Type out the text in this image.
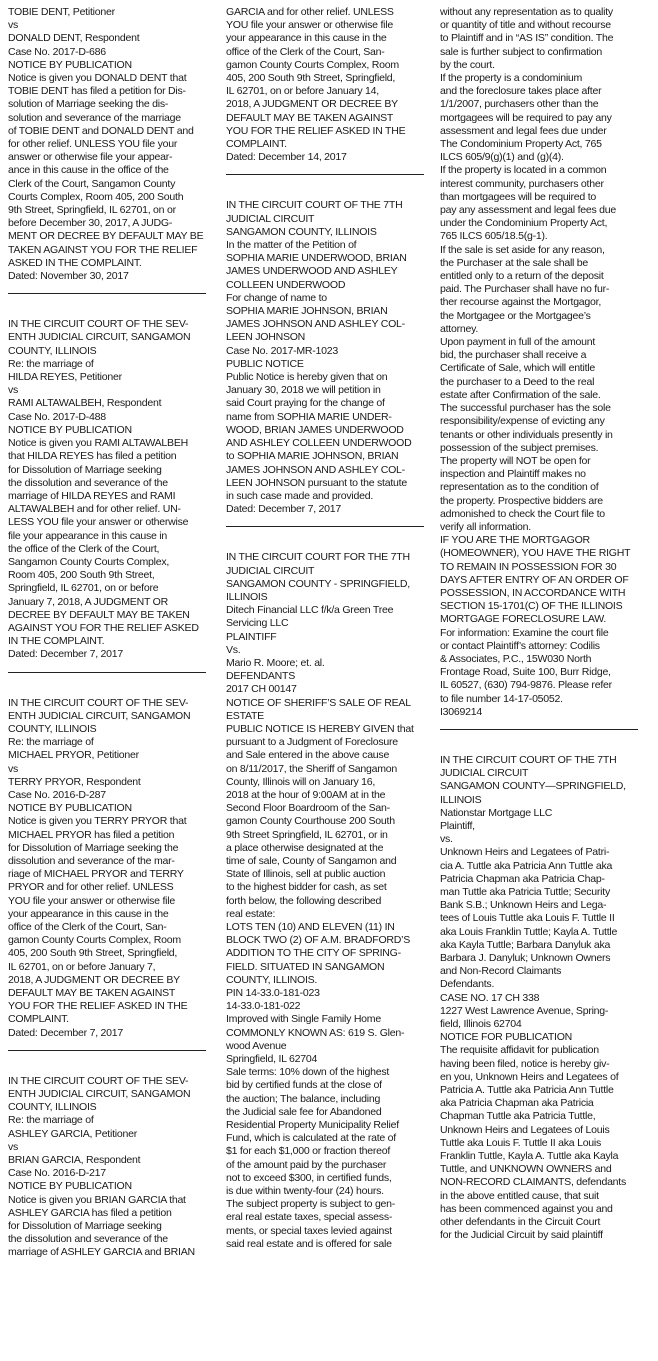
TOBIE DENT, Petitioner
vs
DONALD DENT, Respondent
Case No. 2017-D-686
NOTICE BY PUBLICATION
Notice is given you DONALD DENT that
TOBIE DENT has filed a petition for Dis-
solution of Marriage seeking the dis-
solution and severance of the marriage
of TOBIE DENT and DONALD DENT and
for other relief. UNLESS YOU file your
answer or otherwise file your appear-
ance in this cause in the office of the
Clerk of the Court, Sangamon County
Courts Complex, Room 405, 200 South
9th Street, Springfield, IL 62701, on or
before December 30, 2017, A JUDG-
MENT OR DECREE BY DEFAULT MAY BE
TAKEN AGAINST YOU FOR THE RELIEF
ASKED IN THE COMPLAINT.
Dated: November 30, 2017
IN THE CIRCUIT COURT OF THE SEV-
ENTH JUDICIAL CIRCUIT, SANGAMON
COUNTY, ILLINOIS
Re: the marriage of
HILDA REYES, Petitioner
vs
RAMI ALTAWALBEH, Respondent
Case No. 2017-D-488
NOTICE BY PUBLICATION
Notice is given you RAMI ALTAWALBEH
that HILDA REYES has filed a petition
for Dissolution of Marriage seeking
the dissolution and severance of the
marriage of HILDA REYES and RAMI
ALTAWALBEH and for other relief. UN-
LESS YOU file your answer or otherwise
file your appearance in this cause in
the office of the Clerk of the Court,
Sangamon County Courts Complex,
Room 405, 200 South 9th Street,
Springfield, IL 62701, on or before
January 7, 2018, A JUDGMENT OR
DECREE BY DEFAULT MAY BE TAKEN
AGAINST YOU FOR THE RELIEF ASKED
IN THE COMPLAINT.
Dated: December 7, 2017
IN THE CIRCUIT COURT OF THE SEV-
ENTH JUDICIAL CIRCUIT, SANGAMON
COUNTY, ILLINOIS
Re: the marriage of
MICHAEL PRYOR, Petitioner
vs
TERRY PRYOR, Respondent
Case No. 2016-D-287
NOTICE BY PUBLICATION
Notice is given you TERRY PRYOR that
MICHAEL PRYOR has filed a petition
for Dissolution of Marriage seeking the
dissolution and severance of the mar-
riage of MICHAEL PRYOR and TERRY
PRYOR and for other relief. UNLESS
YOU file your answer or otherwise file
your appearance in this cause in the
office of the Clerk of the Court, San-
gamon County Courts Complex, Room
405, 200 South 9th Street, Springfield,
IL 62701, on or before January 7,
2018, A JUDGMENT OR DECREE BY
DEFAULT MAY BE TAKEN AGAINST
YOU FOR THE RELIEF ASKED IN THE
COMPLAINT.
Dated: December 7, 2017
IN THE CIRCUIT COURT OF THE SEV-
ENTH JUDICIAL CIRCUIT, SANGAMON
COUNTY, ILLINOIS
Re: the marriage of
ASHLEY GARCIA, Petitioner
vs
BRIAN GARCIA, Respondent
Case No. 2016-D-217
NOTICE BY PUBLICATION
Notice is given you BRIAN GARCIA that
ASHLEY GARCIA has filed a petition
for Dissolution of Marriage seeking
the dissolution and severance of the
marriage of ASHLEY GARCIA and BRIAN
GARCIA and for other relief. UNLESS
YOU file your answer or otherwise file
your appearance in this cause in the
office of the Clerk of the Court, San-
gamon County Courts Complex, Room
405, 200 South 9th Street, Springfield,
IL 62701, on or before January 14,
2018, A JUDGMENT OR DECREE BY
DEFAULT MAY BE TAKEN AGAINST
YOU FOR THE RELIEF ASKED IN THE
COMPLAINT.
Dated: December 14, 2017
IN THE CIRCUIT COURT OF THE 7TH
JUDICIAL CIRCUIT
SANGAMON COUNTY, ILLINOIS
In the matter of the Petition of
SOPHIA MARIE UNDERWOOD, BRIAN
JAMES UNDERWOOD AND ASHLEY
COLLEEN UNDERWOOD
For change of name to
SOPHIA MARIE JOHNSON, BRIAN
JAMES JOHNSON AND ASHLEY COL-
LEEN JOHNSON
Case No. 2017-MR-1023
PUBLIC NOTICE
Public Notice is hereby given that on
January 30, 2018 we will petition in
said Court praying for the change of
name from SOPHIA MARIE UNDER-
WOOD, BRIAN JAMES UNDERWOOD
AND ASHLEY COLLEEN UNDERWOOD
to SOPHIA MARIE JOHNSON, BRIAN
JAMES JOHNSON AND ASHLEY COL-
LEEN JOHNSON pursuant to the statute
in such case made and provided.
Dated: December 7, 2017
IN THE CIRCUIT COURT FOR THE 7TH
JUDICIAL CIRCUIT
SANGAMON COUNTY - SPRINGFIELD,
ILLINOIS
Ditech Financial LLC f/k/a Green Tree
Servicing LLC
PLAINTIFF
Vs.
Mario R. Moore; et. al.
DEFENDANTS
2017 CH 00147
NOTICE OF SHERIFF’S SALE OF REAL
ESTATE
PUBLIC NOTICE IS HEREBY GIVEN that
pursuant to a Judgment of Foreclosure
and Sale entered in the above cause
on 8/11/2017, the Sheriff of Sangamon
County, Illinois will on January 16,
2018 at the hour of 9:00AM at in the
Second Floor Boardroom of the San-
gamon County Courthouse 200 South
9th Street Springfield, IL 62701, or in
a place otherwise designated at the
time of sale, County of Sangamon and
State of Illinois, sell at public auction
to the highest bidder for cash, as set
forth below, the following described
real estate:
LOTS TEN (10) AND ELEVEN (11) IN
BLOCK TWO (2) OF A.M. BRADFORD’S
ADDITION TO THE CITY OF SPRING-
FIELD. SITUATED IN SANGAMON
COUNTY, ILLINOIS.
PIN 14-33.0-181-023
14-33.0-181-022
Improved with Single Family Home
COMMONLY KNOWN AS: 619 S. Glen-
wood Avenue
Springfield, IL 62704
Sale terms: 10% down of the highest
bid by certified funds at the close of
the auction; The balance, including
the Judicial sale fee for Abandoned
Residential Property Municipality Relief
Fund, which is calculated at the rate of
$1 for each $1,000 or fraction thereof
of the amount paid by the purchaser
not to exceed $300, in certified funds,
is due within twenty-four (24) hours.
The subject property is subject to gen-
eral real estate taxes, special assess-
ments, or special taxes levied against
said real estate and is offered for sale
without any representation as to quality
or quantity of title and without recourse
to Plaintiff and in “AS IS” condition. The
sale is further subject to confirmation
by the court.
If the property is a condominium
and the foreclosure takes place after
1/1/2007, purchasers other than the
mortgagees will be required to pay any
assessment and legal fees due under
The Condominium Property Act, 765
ILCS 605/9(g)(1) and (g)(4).
If the property is located in a common
interest community, purchasers other
than mortgagees will be required to
pay any assessment and legal fees due
under the Condominium Property Act,
765 ILCS 605/18.5(g-1).
If the sale is set aside for any reason,
the Purchaser at the sale shall be
entitled only to a return of the deposit
paid. The Purchaser shall have no fur-
ther recourse against the Mortgagor,
the Mortgagee or the Mortgagee’s
attorney.
Upon payment in full of the amount
bid, the purchaser shall receive a
Certificate of Sale, which will entitle
the purchaser to a Deed to the real
estate after Confirmation of the sale.
The successful purchaser has the sole
responsibility/expense of evicting any
tenants or other individuals presently in
possession of the subject premises.
The property will NOT be open for
inspection and Plaintiff makes no
representation as to the condition of
the property. Prospective bidders are
admonished to check the Court file to
verify all information.
IF YOU ARE THE MORTGAGOR
(HOMEOWNER), YOU HAVE THE RIGHT
TO REMAIN IN POSSESSION FOR 30
DAYS AFTER ENTRY OF AN ORDER OF
POSSESSION, IN ACCORDANCE WITH
SECTION 15-1701(C) OF THE ILLINOIS
MORTGAGE FORECLOSURE LAW.
For information: Examine the court file
or contact Plaintiff’s attorney: Codilis
& Associates, P.C., 15W030 North
Frontage Road, Suite 100, Burr Ridge,
IL 60527, (630) 794-9876. Please refer
to file number 14-17-05052.
I3069214
IN THE CIRCUIT COURT OF THE 7TH
JUDICIAL CIRCUIT
SANGAMON COUNTY—SPRINGFIELD,
ILLINOIS
Nationstar Mortgage LLC
Plaintiff,
vs.
Unknown Heirs and Legatees of Patri-
cia A. Tuttle aka Patricia Ann Tuttle aka
Patricia Chapman aka Patricia Chap-
man Tuttle aka Patricia Tuttle; Security
Bank S.B.; Unknown Heirs and Lega-
tees of Louis Tuttle aka Louis F. Tuttle II
aka Louis Franklin Tuttle; Kayla A. Tuttle
aka Kayla Tuttle; Barbara Danyluk aka
Barbara J. Danyluk; Unknown Owners
and Non-Record Claimants
Defendants.
CASE NO. 17 CH 338
1227 West Lawrence Avenue, Spring-
field, Illinois 62704
NOTICE FOR PUBLICATION
The requisite affidavit for publication
having been filed, notice is hereby giv-
en you, Unknown Heirs and Legatees of
Patricia A. Tuttle aka Patricia Ann Tuttle
aka Patricia Chapman aka Patricia
Chapman Tuttle aka Patricia Tuttle,
Unknown Heirs and Legatees of Louis
Tuttle aka Louis F. Tuttle II aka Louis
Franklin Tuttle, Kayla A. Tuttle aka Kayla
Tuttle, and UNKNOWN OWNERS and
NON-RECORD CLAIMANTS, defendants
in the above entitled cause, that suit
has been commenced against you and
other defendants in the Circuit Court
for the Judicial Circuit by said plaintiff
